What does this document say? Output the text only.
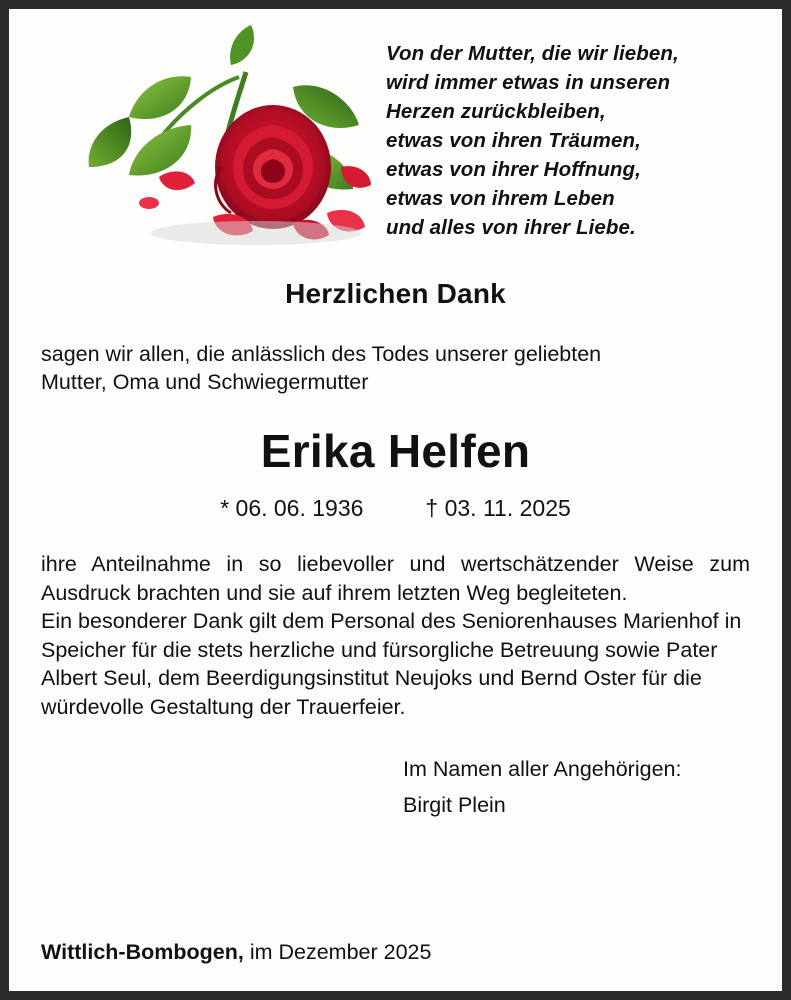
Von der Mutter, die wir lieben,
wird immer etwas in unseren
Herzen zurückbleiben,
etwas von ihren Träumen,
etwas von ihrer Hoffnung,
etwas von ihrem Leben
und alles von ihrer Liebe.
Herzlichen Dank
sagen wir allen, die anlässlich des Todes unserer geliebten
Mutter, Oma und Schwiegermutter
Erika Helfen
* 06. 06. 1936	† 03. 11. 2025

ihre Anteilnahme in so liebevoller und wertschätzender Weise zum Ausdruck brachten und sie auf ihrem letzten Weg begleiteten.

Ein besonderer Dank gilt dem Personal des Seniorenhauses Marienhof in Speicher für die stets herzliche und fürsorgliche Betreuung sowie Pater Albert Seul, dem Beerdigungsinstitut Neujoks und Bernd Oster für die würdevolle Gestaltung der Trauerfeier.

Im Namen aller Angehörigen:
Birgit Plein
Wittlich-Bombogen, im Dezember 2025
